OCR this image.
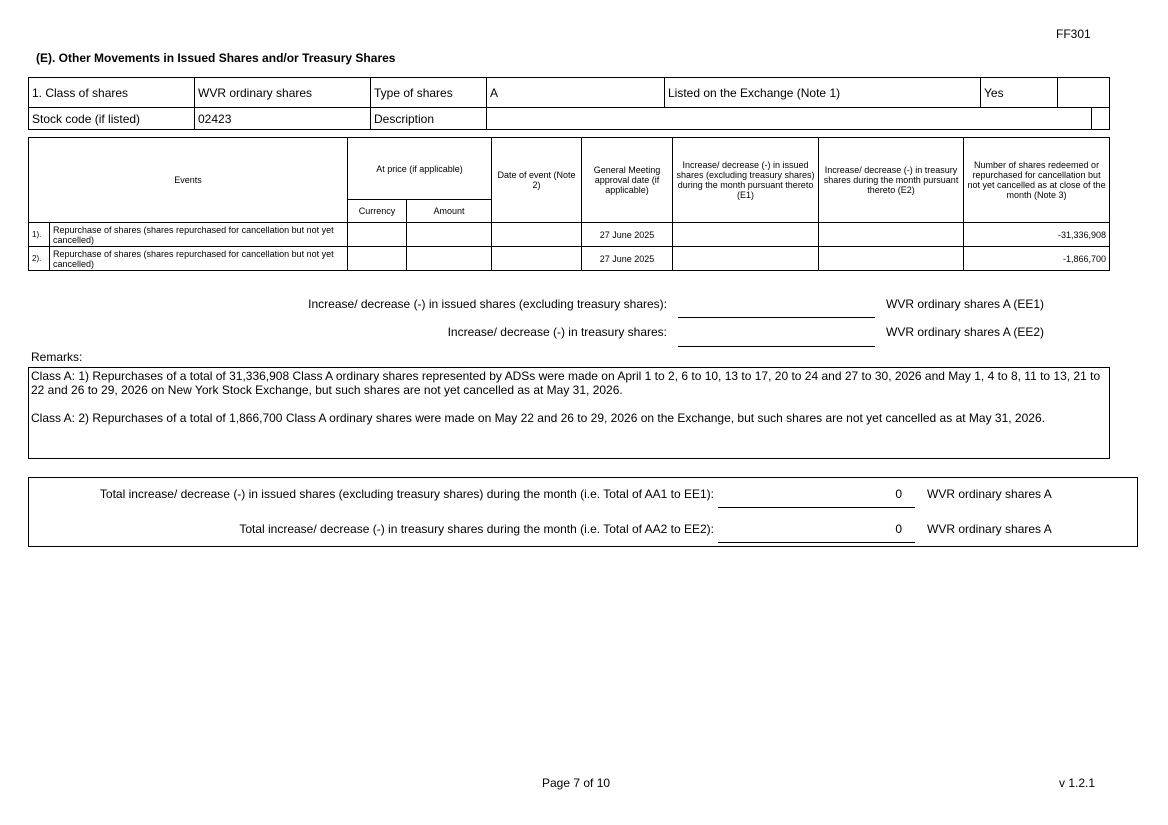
FF301
(E). Other Movements in Issued Shares and/or Treasury Shares
1. Class of shares	WVR ordinary shares	Type of shares	A	Listed on the Exchange (Note 1)	Yes		
Stock code (if listed)	02423	Description					
Events		At price (if applicable)		Date of event (Note 2)	General Meeting approval date (if applicable)	Increase/ decrease (-) in issued shares (excluding treasury shares) during the month pursuant thereto (E1)	Increase/ decrease (-) in treasury shares during the month pursuant thereto (E2)	Number of shares redeemed or repurchased for cancellation but not yet cancelled as at close of the month (Note 3)
		Currency	Amount					
1).	Repurchase of shares (shares repurchased for cancellation but not yet cancelled)				27 June 2025			-31,336,908
2).	Repurchase of shares (shares repurchased for cancellation but not yet cancelled)				27 June 2025			-1,866,700
Increase/ decrease (-) in issued shares (excluding treasury shares):	WVR ordinary shares A (EE1)
Increase/ decrease (-) in treasury shares:	WVR ordinary shares A (EE2)
Remarks:

Class A: 1) Repurchases of a total of 31,336,908 Class A ordinary shares represented by ADSs were made on April 1 to 2, 6 to 10, 13 to 17, 20 to 24 and 27 to 30, 2026 and May 1, 4 to 8, 11 to 13, 21 to 22 and 26 to 29, 2026 on New York Stock Exchange, but such shares are not yet cancelled as at May 31, 2026.

Class A: 2) Repurchases of a total of 1,866,700 Class A ordinary shares were made on May 22 and 26 to 29, 2026 on the Exchange, but such shares are not yet cancelled as at May 31, 2026.

Total increase/ decrease (-) in issued shares (excluding treasury shares) during the month (i.e. Total of AA1 to EE1):	0 WVR ordinary shares A
Total increase/ decrease (-) in treasury shares during the month (i.e. Total of AA2 to EE2):	0 WVR ordinary shares A
Page 7 of 10	v 1.2.1
